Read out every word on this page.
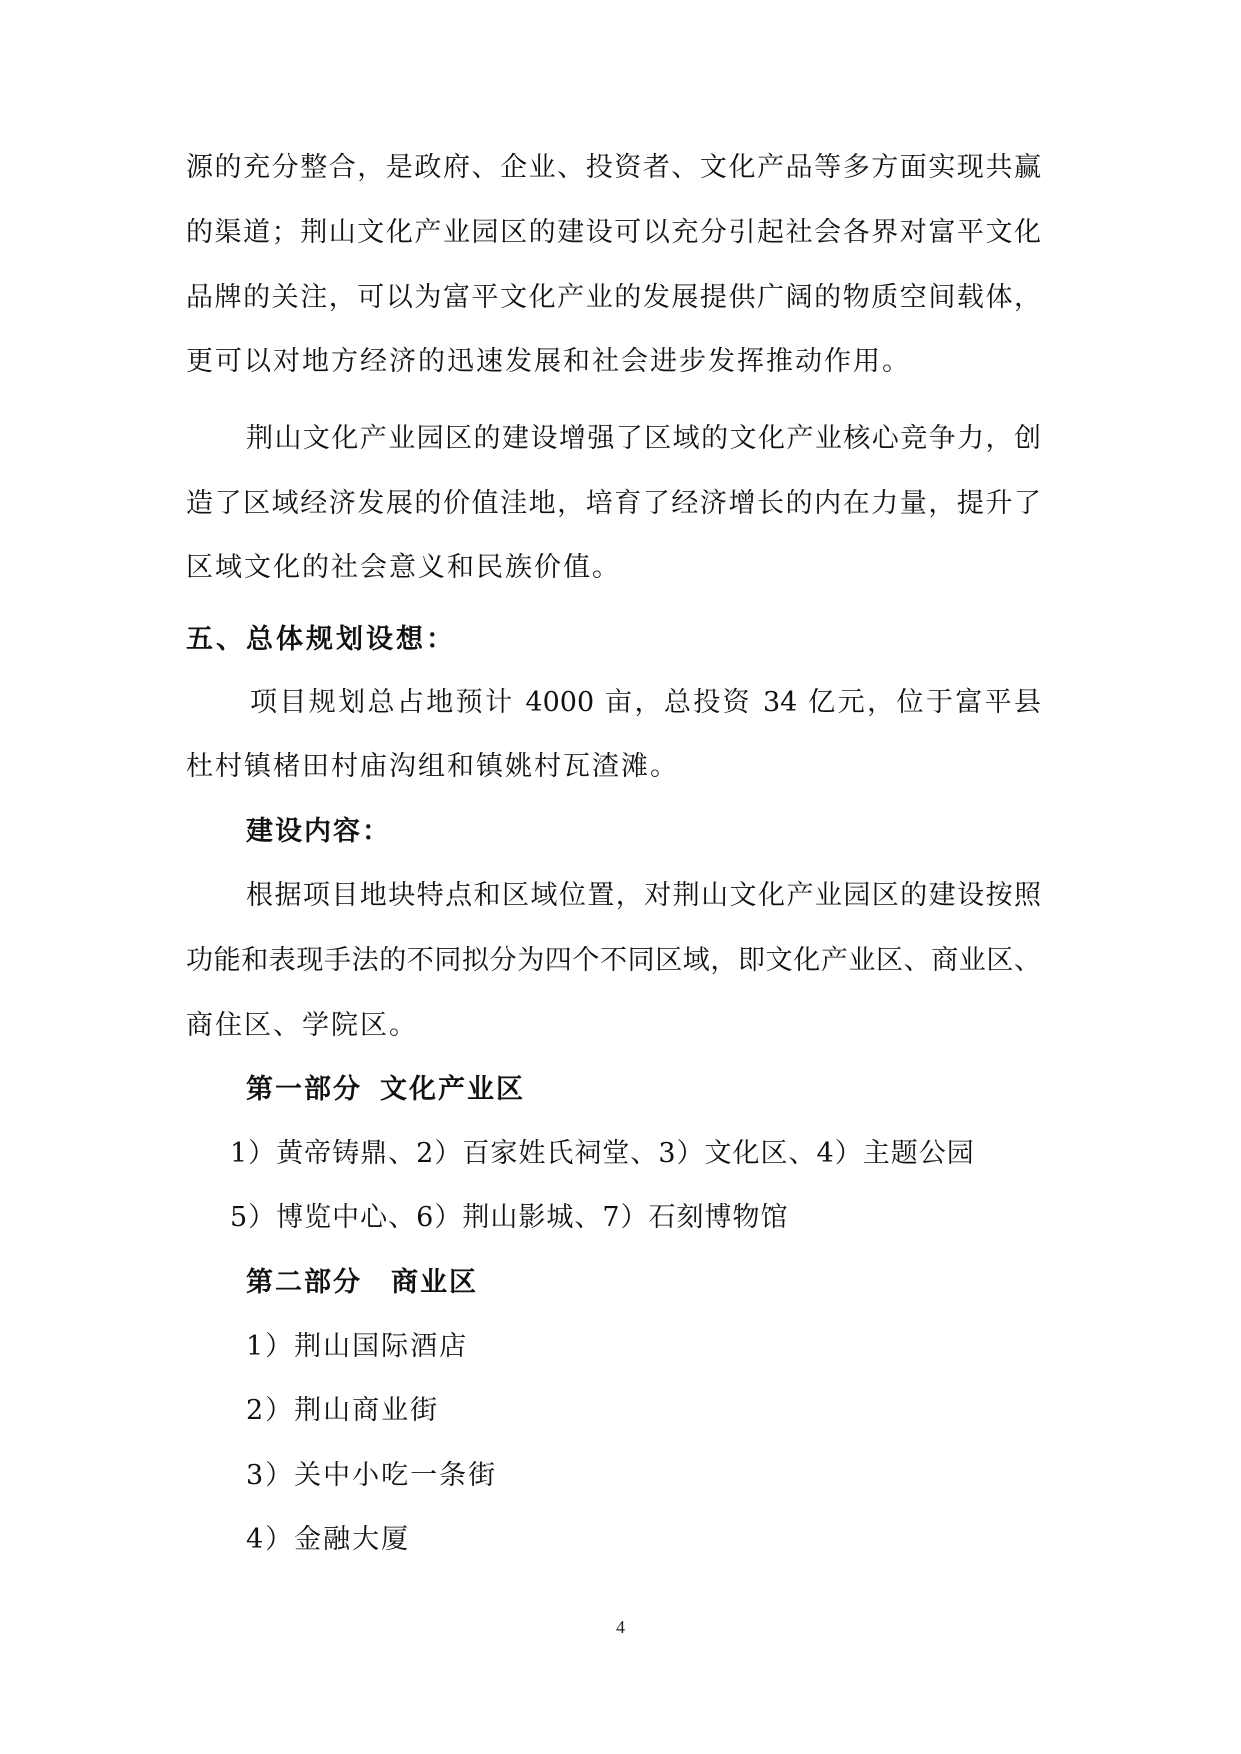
源的充分整合，是政府、企业、投资者、文化产品等多方面实现共赢
的渠道；荆山文化产业园区的建设可以充分引起社会各界对富平文化
品牌的关注，可以为富平文化产业的发展提供广阔的物质空间载体，
更可以对地方经济的迅速发展和社会进步发挥推动作用。
荆山文化产业园区的建设增强了区域的文化产业核心竞争力，创
造了区域经济发展的价值洼地，培育了经济增长的内在力量，提升了
区域文化的社会意义和民族价值。
五、总体规划设想：
项目规划总占地预计 4000 亩，总投资 34 亿元，位于富平县
杜村镇楮田村庙沟组和镇姚村瓦渣滩。
建设内容：
根据项目地块特点和区域位置，对荆山文化产业园区的建设按照
功能和表现手法的不同拟分为四个不同区域，即文化产业区、商业区、
商住区、学院区。
第一部分 文化产业区
1）黄帝铸鼎、2）百家姓氏祠堂、3）文化区、4）主题公园
5）博览中心、6）荆山影城、7）石刻博物馆
第二部分 商业区
1）荆山国际酒店
2）荆山商业街
3）关中小吃一条街
4）金融大厦
4
